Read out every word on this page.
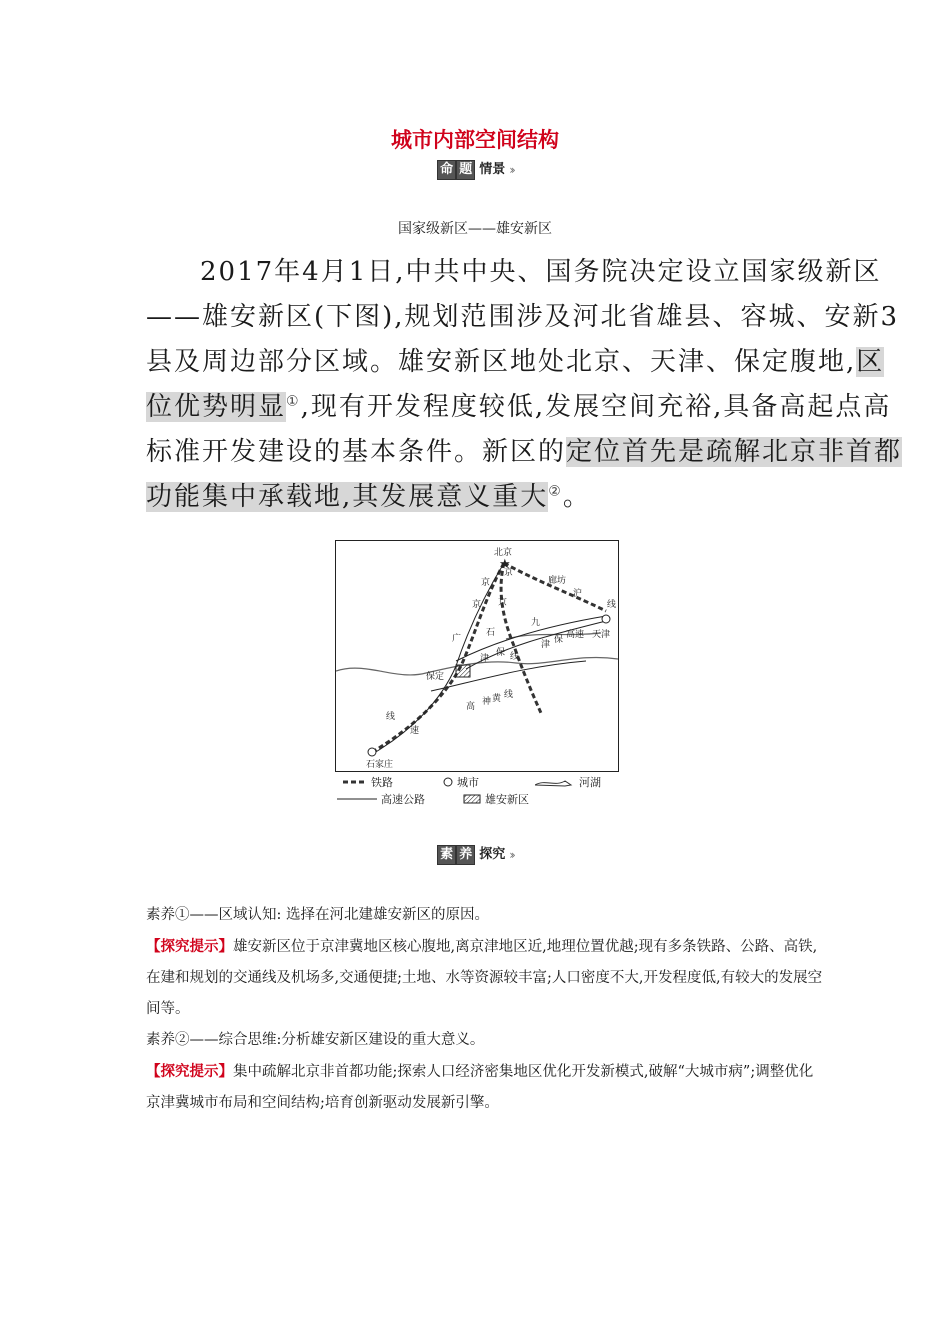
城市内部空间结构
命 题 情景 ››
国家级新区——雄安新区

2017年4月1日,中共中央、国务院决定设立国家级新区——雄安新区(下图),规划范围涉及河北省雄县、容城、安新3县及周边部分区域。雄安新区地处北京、天津、保定腹地,区位优势明显①,现有开发程度较低,发展空间充裕,具备高起点高标准开发建设的基本条件。新区的定位首先是疏解北京非首都功能集中承载地,其发展意义重大②。

★
北京
天津
保定
石家庄
廊坊
京
京
京 京
沪
线
九
广
石
津
保 线
津 保 高速
高 神 黄 线
线
速
铁路	城市	河湖
高速公路	雄安新区
素 养 探究 ››

素养①——区域认知: 选择在河北建雄安新区的原因。

【探究提示】雄安新区位于京津冀地区核心腹地,离京津地区近,地理位置优越;现有多条铁路、公路、高铁,在建和规划的交通线及机场多,交通便捷;土地、水等资源较丰富;人口密度不大,开发程度低,有较大的发展空间等。

素养②——综合思维:分析雄安新区建设的重大意义。

【探究提示】集中疏解北京非首都功能;探索人口经济密集地区优化开发新模式,破解“大城市病”;调整优化京津冀城市布局和空间结构;培育创新驱动发展新引擎。
